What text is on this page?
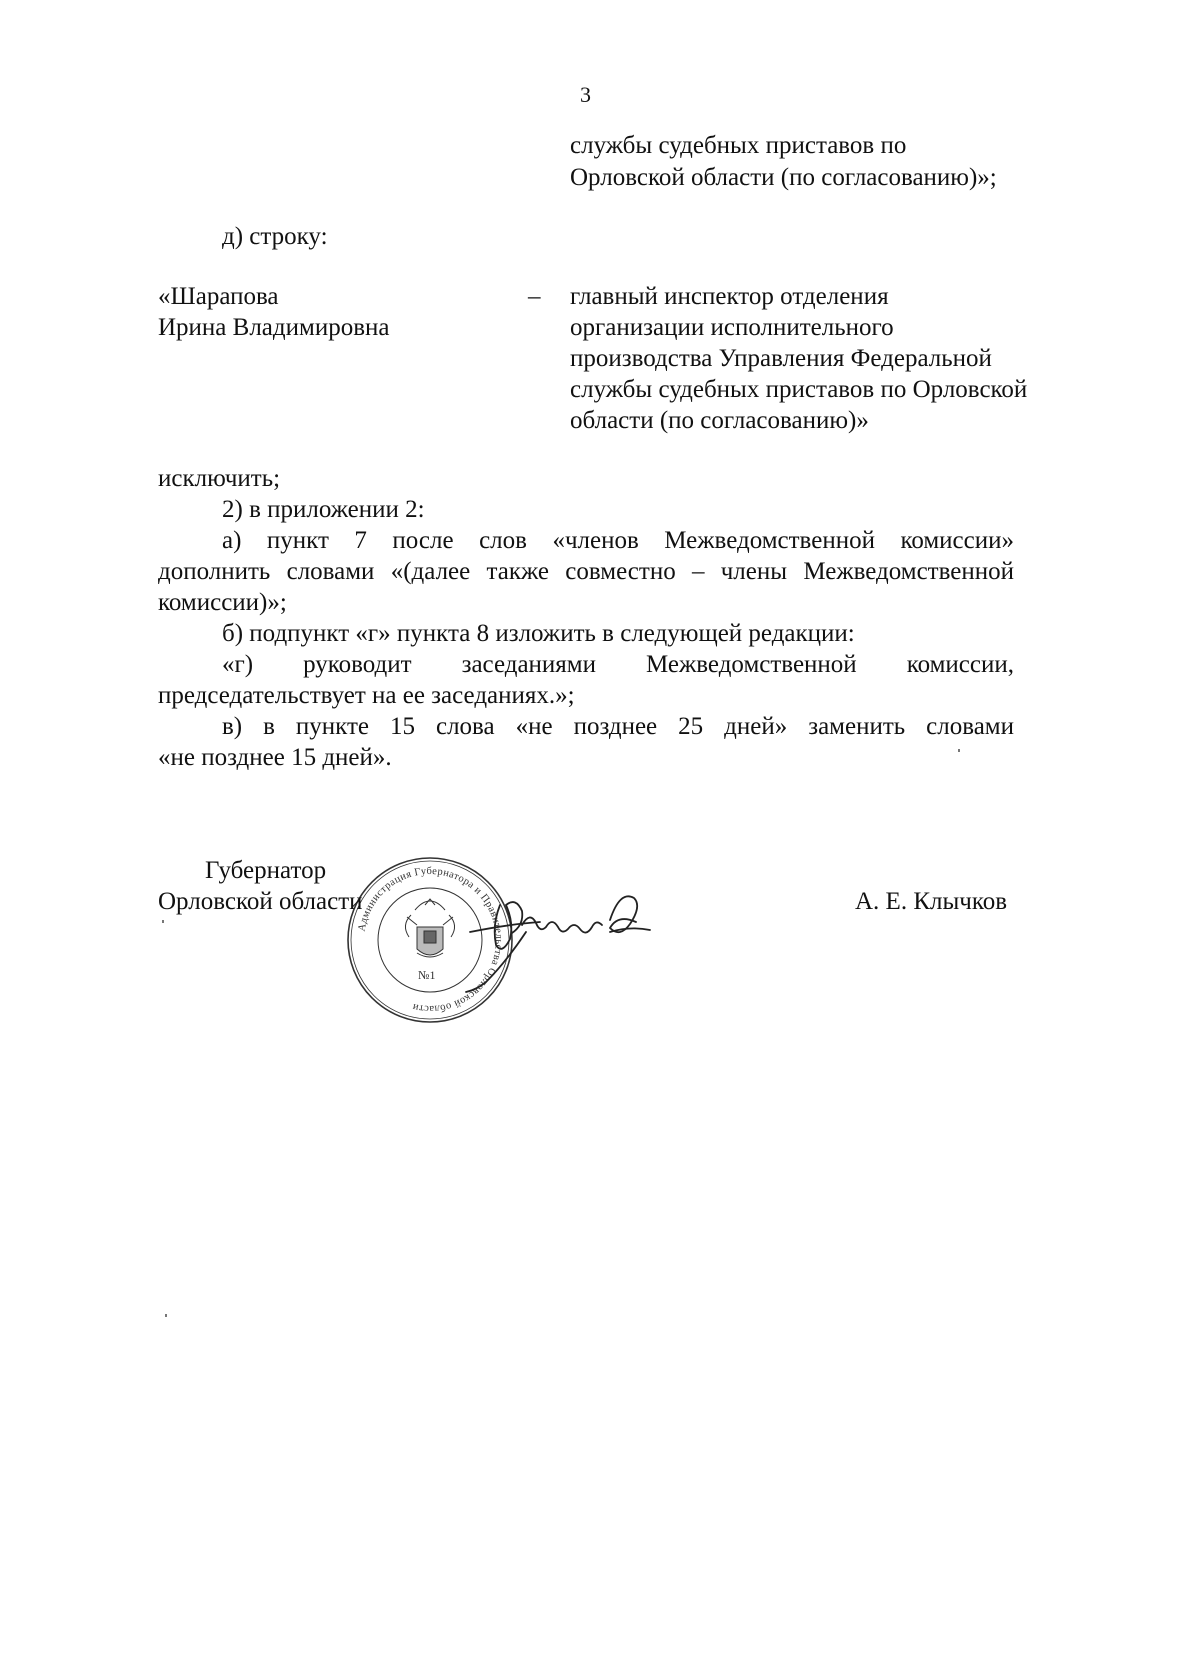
3
службы судебных приставов по
Орловской области (по согласованию)»;
д) строку:
«Шарапова
Ирина Владимировна
– главный инспектор отделения
организации исполнительного
производства Управления Федеральной
службы судебных приставов по Орловской
области (по согласованию)»
исключить;
2) в приложении 2:
а) пункт 7 после слов «членов Межведомственной комиссии»
дополнить словами «(далее также совместно – члены Межведомственной
комиссии)»;
б) подпункт «г» пункта 8 изложить в следующей редакции:
«г) руководит заседаниями Межведомственной комиссии,
председательствует на ее заседаниях.»;
в) в пункте 15 слова «не позднее 25 дней» заменить словами
«не позднее 15 дней».
Администрация Губернатора и Правительства Орловской области
№1
Губернатор
Орловской области	А. Е. Клычков
